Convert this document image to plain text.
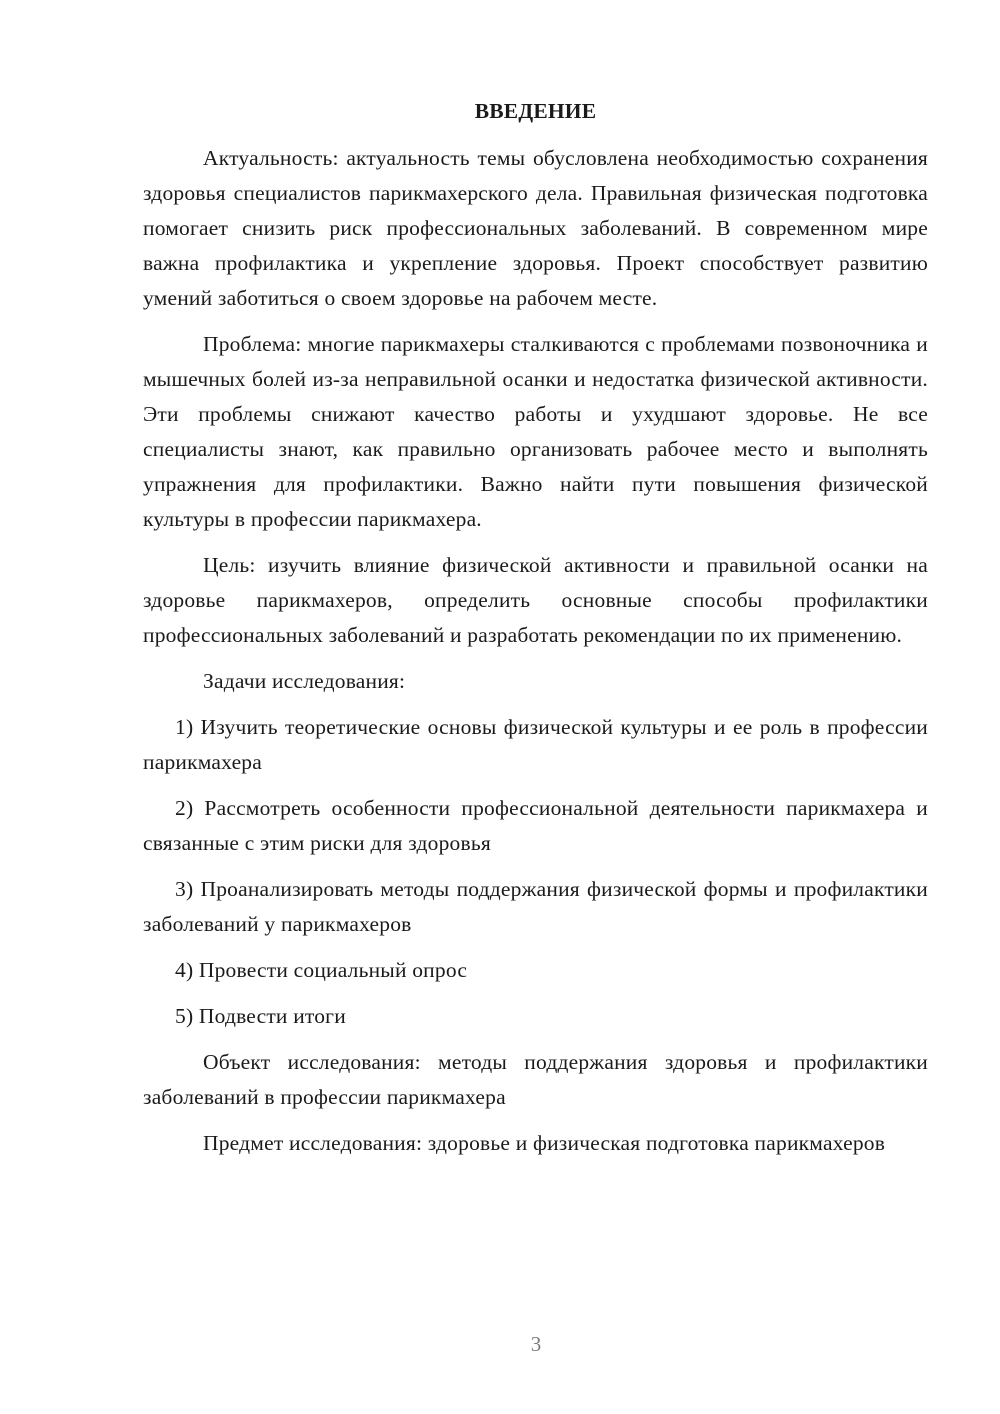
ВВЕДЕНИЕ

Актуальность: актуальность темы обусловлена необходимостью сохранения здоровья специалистов парикмахерского дела. Правильная физическая подготовка помогает снизить риск профессиональных заболеваний. В современном мире важна профилактика и укрепление здоровья. Проект способствует развитию умений заботиться о своем здоровье на рабочем месте.

Проблема: многие парикмахеры сталкиваются с проблемами позвоночника и мышечных болей из-за неправильной осанки и недостатка физической активности. Эти проблемы снижают качество работы и ухудшают здоровье. Не все специалисты знают, как правильно организовать рабочее место и выполнять упражнения для профилактики. Важно найти пути повышения физической культуры в профессии парикмахера.

Цель: изучить влияние физической активности и правильной осанки на здоровье парикмахеров, определить основные способы профилактики профессиональных заболеваний и разработать рекомендации по их применению.

Задачи исследования:

1) Изучить теоретические основы физической культуры и ее роль в профессии парикмахера

2) Рассмотреть особенности профессиональной деятельности парикмахера и связанные с этим риски для здоровья

3) Проанализировать методы поддержания физической формы и профилактики заболеваний у парикмахеров

4) Провести социальный опрос

5) Подвести итоги

Объект исследования: методы поддержания здоровья и профилактики заболеваний в профессии парикмахера

Предмет исследования: здоровье и физическая подготовка парикмахеров

3
